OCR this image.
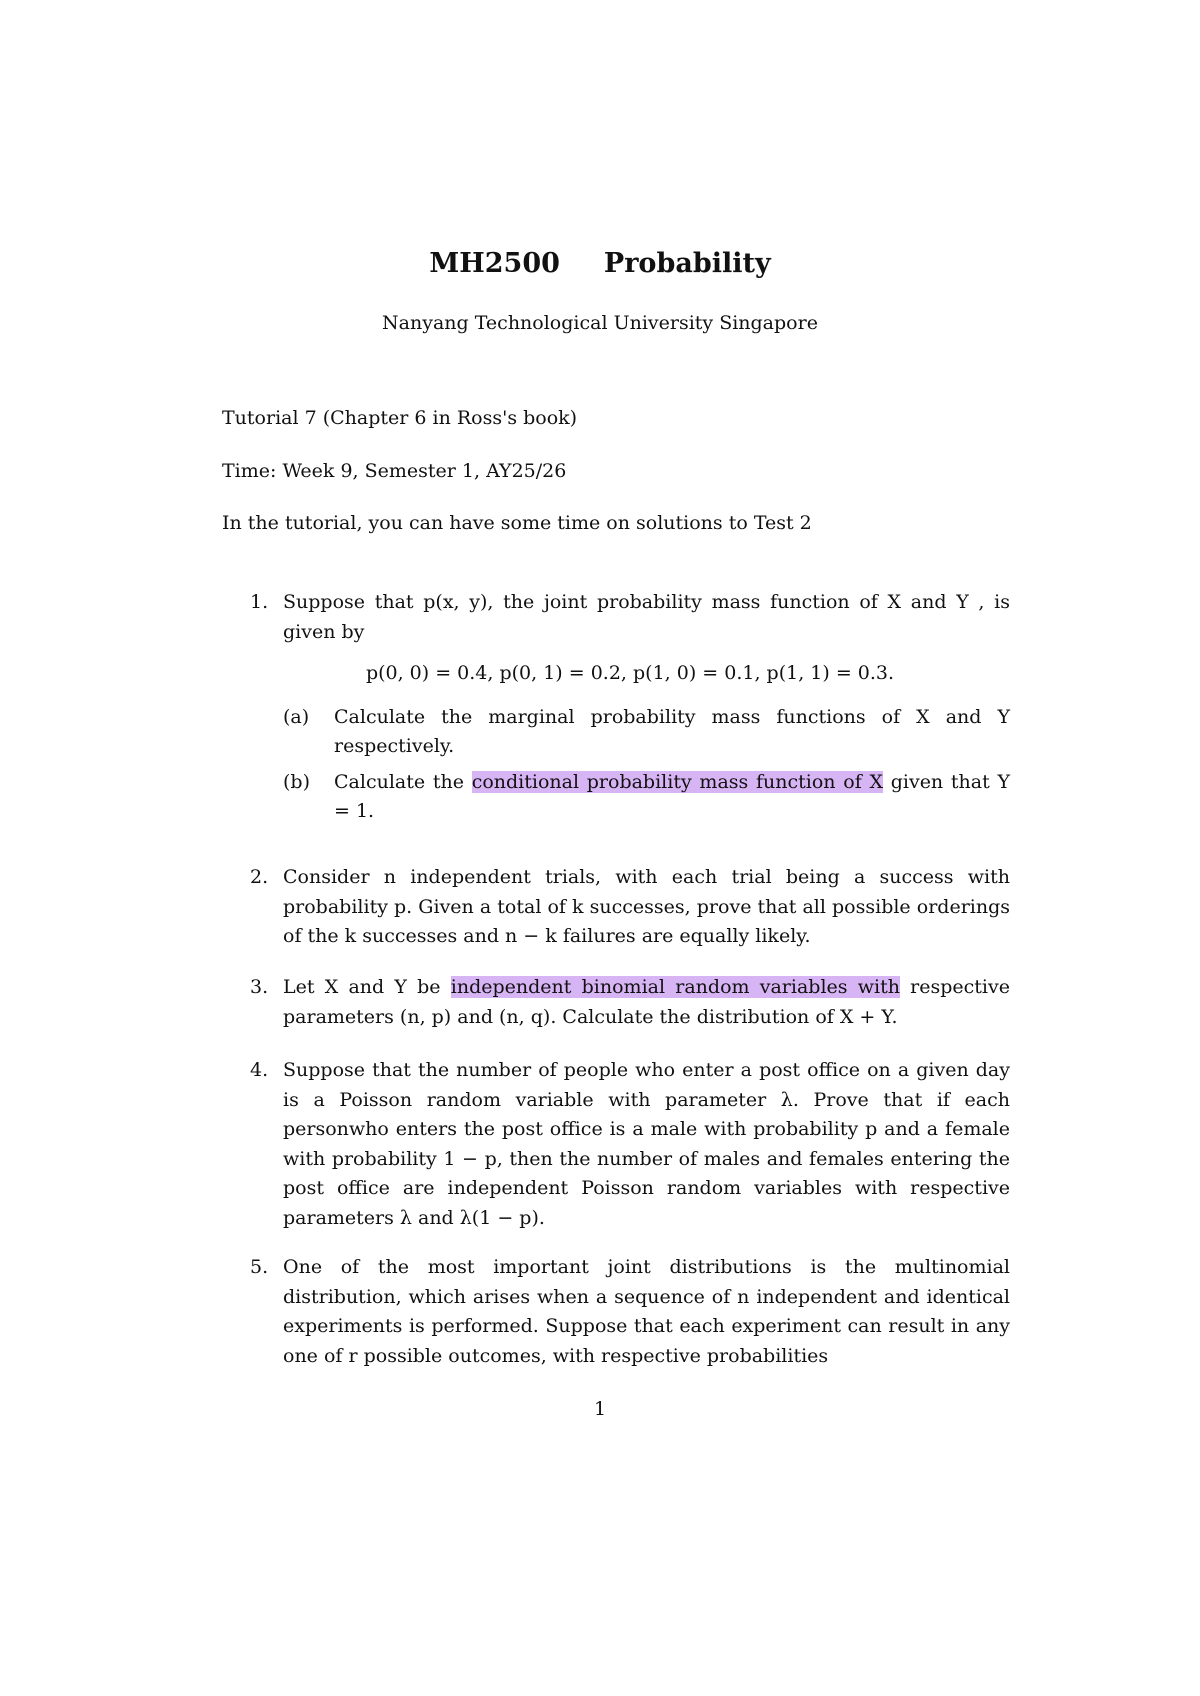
MH2500 Probability
Nanyang Technological University Singapore
Tutorial 7 (Chapter 6 in Ross's book)
Time: Week 9, Semester 1, AY25/26
In the tutorial, you can have some time on solutions to Test 2
1. Suppose that p(x, y), the joint probability mass function of X and Y , is given by
p(0, 0) = 0.4, p(0, 1) = 0.2, p(1, 0) = 0.1, p(1, 1) = 0.3.
(a) Calculate the marginal probability mass functions of X and Y respectively.
(b) Calculate the conditional probability mass function of X given that Y = 1.
2. Consider n independent trials, with each trial being a success with probability p. Given a total of k successes, prove that all possible orderings of the k successes and n − k failures are equally likely.
3. Let X and Y be independent binomial random variables with respective parameters (n, p) and (n, q). Calculate the distribution of X + Y.
4. Suppose that the number of people who enter a post office on a given day is a Poisson random variable with parameter λ. Prove that if each personwho enters the post office is a male with probability p and a female with probability 1 − p, then the number of males and females entering the post office are independent Poisson random variables with respective parameters λ and λ(1 − p).
5. One of the most important joint distributions is the multinomial distribution, which arises when a sequence of n independent and identical experiments is performed. Suppose that each experiment can result in any one of r possible outcomes, with respective probabilities
1
